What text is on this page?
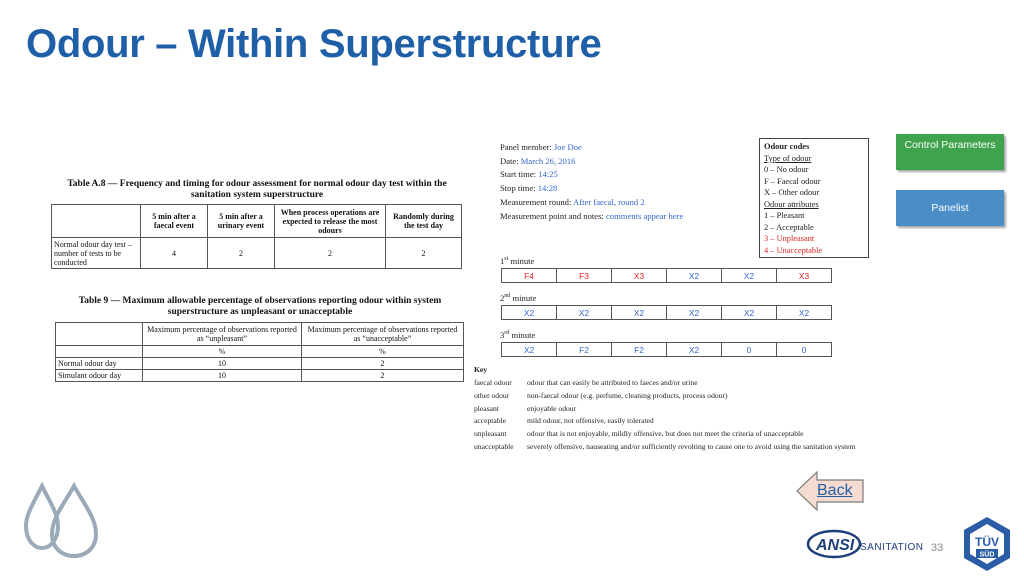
Odour – Within Superstructure
Table A.8 — Frequency and timing for odour assessment for normal odour day test within the sanitation system superstructure
	5 min after a faecal event	5 min after a urinary event	When process operations are expected to release the most odours	Randomly during the test day
Normal odour day test – number of tests to be conducted	4	2	2	2
Table 9 — Maximum allowable percentage of observations reporting odour within system superstructure as unpleasant or unacceptable
	Maximum percentage of observations reported as “unpleasant”	Maximum percentage of observations reported as “unacceptable”
	%	%
Normal odour day	10	2
Simulant odour day	10	2
Panel member: Joe Doe
Date: March 26, 2016
Start time: 14:25
Stop time: 14:28
Measurement round: After faecal, round 2
Measurement point and notes: comments appear here
Odour codes
Type of odour
0 – No odour
F – Faecal odour
X – Other odour
Odour attributes
1 – Pleasant
2 – Acceptable
3 – Unpleasant
4 – Unacceptable
1st minute
F4	F3	X3	X2	X2	X3
2nd minute
X2	X2	X2	X2	X2	X2
3rd minute
X2	F2	F2	X2	0	0
Key
faecal odour	odour that can easily be attributed to faeces and/or urine
other odour	non-faecal odour (e.g. perfume, cleaning products, process odour)
pleasant	enjoyable odour
acceptable	mild odour, not offensive, easily tolerated
unpleasant	odour that is not enjoyable, mildly offensive, but does not meet the criteria of unacceptable
unacceptable	severely offensive, nauseating and/or sufficiently revolting to cause one to avoid using the sanitation system
Control Parameters
Panelist
Back
ANSI SANITATION 33	TÜV
SÜD
